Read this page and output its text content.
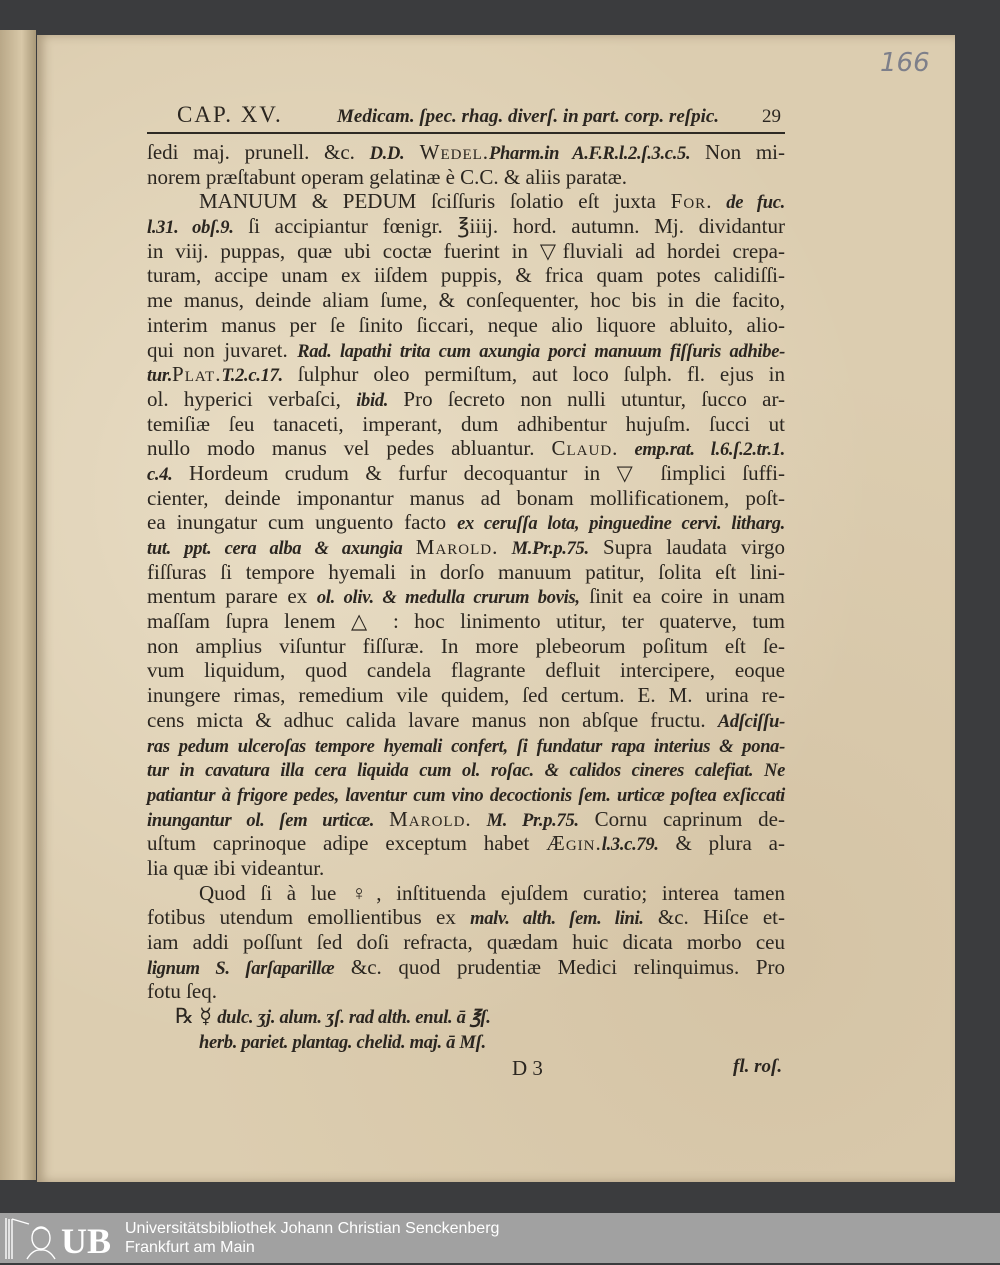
166
CAP. XV.	Medicam. ſpec. rhag. diverſ. in part. corp. reſpic. 29
ſedi maj. prunell. &c. D.D. Wedel.Pharm.in A.F.R.l.2.ſ.3.c.5. Non mi-
norem præſtabunt operam gelatinæ è C.C. & aliis paratæ.
MANUUM & PEDUM ſciſſuris ſolatio eſt juxta For. de fuc.
l.31. obſ.9. ſi accipiantur fœnigr. ℥iiij. hord. autumn. Mj. dividantur
in viij. puppas, quæ ubi coctæ fuerint in ▽fluviali ad hordei crepa-
turam, accipe unam ex iiſdem puppis, & frica quam potes calidiſſi-
me manus, deinde aliam ſume, & conſequenter, hoc bis in die facito,
interim manus per ſe ſinito ſiccari, neque alio liquore abluito, alio-
qui non juvaret. Rad. lapathi trita cum axungia porci manuum fiſſuris adhibe-
tur.Plat.T.2.c.17. ſulphur oleo permiſtum, aut loco ſulph. fl. ejus in
ol. hyperici verbaſci, ibid. Pro ſecreto non nulli utuntur, ſucco ar-
temiſiæ ſeu tanaceti, imperant, dum adhibentur hujuſm. ſucci ut
nullo modo manus vel pedes abluantur. Claud. emp.rat. l.6.ſ.2.tr.1.
c.4. Hordeum crudum & furfur decoquantur in ▽ ſimplici ſuffi-
cienter, deinde imponantur manus ad bonam mollificationem, poſt-
ea inungatur cum unguento facto ex ceruſſa lota, pinguedine cervi. litharg.
tut. ppt. cera alba & axungia Marold. M.Pr.p.75. Supra laudata virgo
fiſſuras ſi tempore hyemali in dorſo manuum patitur, ſolita eſt lini-
mentum parare ex ol. oliv. & medulla crurum bovis, ſinit ea coire in unam
maſſam ſupra lenem △ : hoc linimento utitur, ter quaterve, tum
non amplius viſuntur fiſſuræ. In more plebeorum poſitum eſt ſe-
vum liquidum, quod candela flagrante defluit intercipere, eoque
inungere rimas, remedium vile quidem, ſed certum. E. M. urina re-
cens micta & adhuc calida lavare manus non abſque fructu. Adſciſſu-
ras pedum ulceroſas tempore hyemali confert, ſi fundatur rapa interius & pona-
tur in cavatura illa cera liquida cum ol. roſac. & calidos cineres calefiat. Ne
patiantur à frigore pedes, laventur cum vino decoctionis ſem. urticæ poſtea exſiccati
inungantur ol. ſem urticæ. Marold. M. Pr.p.75. Cornu caprinum de-
uſtum caprinoque adipe exceptum habet Ægin.l.3.c.79. & plura a-
lia quæ ibi videantur.
Quod ſi à lue ♀, inſtituenda ejuſdem curatio; interea tamen
fotibus utendum emollientibus ex malv. alth. ſem. lini. &c. Hiſce et-
iam addi poſſunt ſed doſi refracta, quædam huic dicata morbo ceu
lignum S. ſarſaparillæ &c. quod prudentiæ Medici relinquimus. Pro
fotu ſeq.
℞ ☿ dulc. ʒj. alum. ʒſ. rad alth. enul. ā ℥ſ.
herb. pariet. plantag. chelid. maj. ā Mſ.
D 3	fl. roſ.
UB Universitätsbibliothek Johann Christian Senckenberg
Frankfurt am Main
